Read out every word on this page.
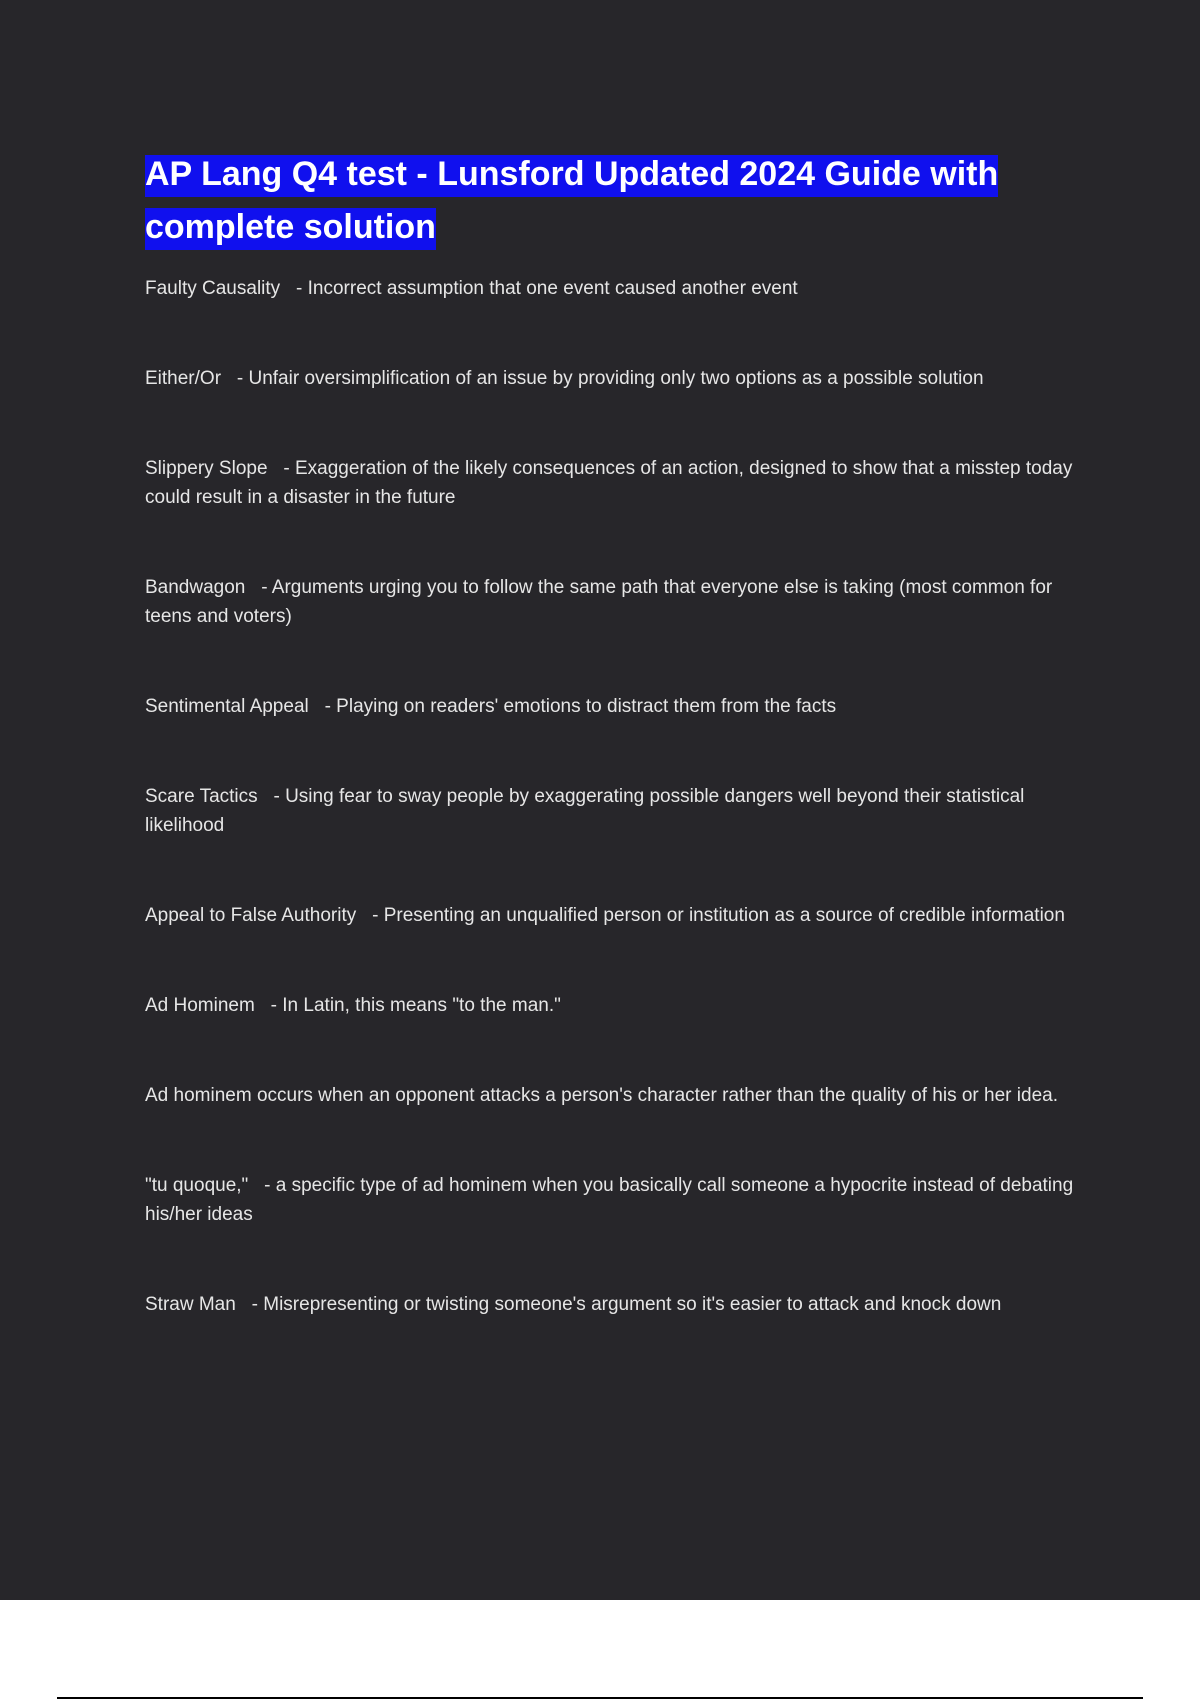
AP Lang Q4 test - Lunsford Updated 2024 Guide with complete solution

Faulty Causality - Incorrect assumption that one event caused another event

Either/Or - Unfair oversimplification of an issue by providing only two options as a possible solution

Slippery Slope - Exaggeration of the likely consequences of an action, designed to show that a misstep today could result in a disaster in the future

Bandwagon - Arguments urging you to follow the same path that everyone else is taking (most common for teens and voters)

Sentimental Appeal - Playing on readers' emotions to distract them from the facts

Scare Tactics - Using fear to sway people by exaggerating possible dangers well beyond their statistical likelihood

Appeal to False Authority - Presenting an unqualified person or institution as a source of credible information

Ad Hominem - In Latin, this means "to the man."

Ad hominem occurs when an opponent attacks a person's character rather than the quality of his or her idea.

"tu quoque," - a specific type of ad hominem when you basically call someone a hypocrite instead of debating his/her ideas

Straw Man - Misrepresenting or twisting someone's argument so it's easier to attack and knock down
